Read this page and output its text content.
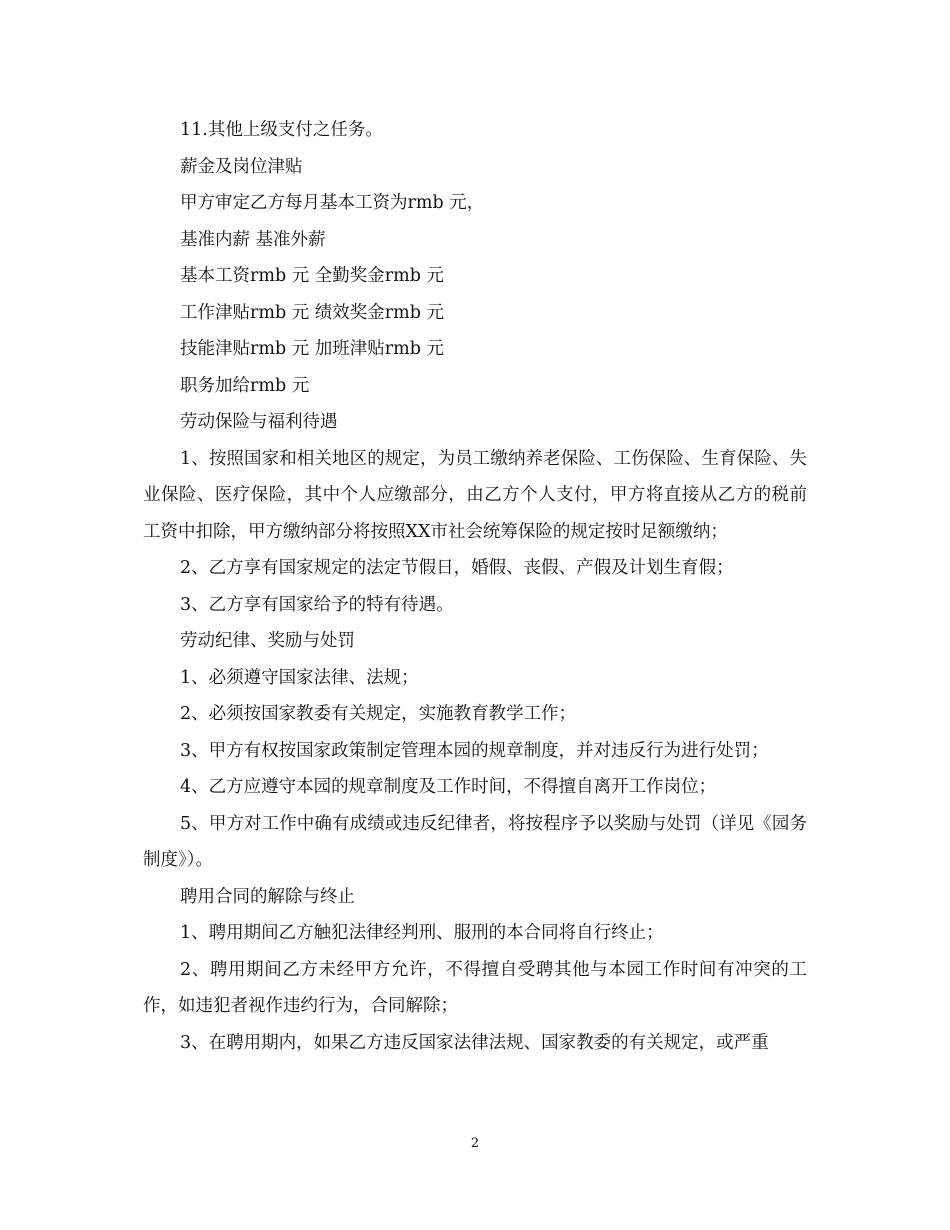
11.其他上级支付之任务。
薪金及岗位津贴
甲方审定乙方每月基本工资为rmb 元，
基准内薪 基准外薪
基本工资rmb 元 全勤奖金rmb 元
工作津贴rmb 元 绩效奖金rmb 元
技能津贴rmb 元 加班津贴rmb 元
职务加给rmb 元
劳动保险与福利待遇
1、按照国家和相关地区的规定，为员工缴纳养老保险、工伤保险、生育保险、失业保险、医疗保险，其中个人应缴部分，由乙方个人支付，甲方将直接从乙方的税前工资中扣除，甲方缴纳部分将按照XX市社会统筹保险的规定按时足额缴纳；
2、乙方享有国家规定的法定节假日，婚假、丧假、产假及计划生育假；
3、乙方享有国家给予的特有待遇。
劳动纪律、奖励与处罚
1、必须遵守国家法律、法规；
2、必须按国家教委有关规定，实施教育教学工作；
3、甲方有权按国家政策制定管理本园的规章制度，并对违反行为进行处罚；
4、乙方应遵守本园的规章制度及工作时间，不得擅自离开工作岗位；
5、甲方对工作中确有成绩或违反纪律者，将按程序予以奖励与处罚（详见《园务制度》）。
聘用合同的解除与终止
1、聘用期间乙方触犯法律经判刑、服刑的本合同将自行终止；
2、聘用期间乙方未经甲方允许，不得擅自受聘其他与本园工作时间有冲突的工作，如违犯者视作违约行为，合同解除；
3、在聘用期内，如果乙方违反国家法律法规、国家教委的有关规定，或严重
2
